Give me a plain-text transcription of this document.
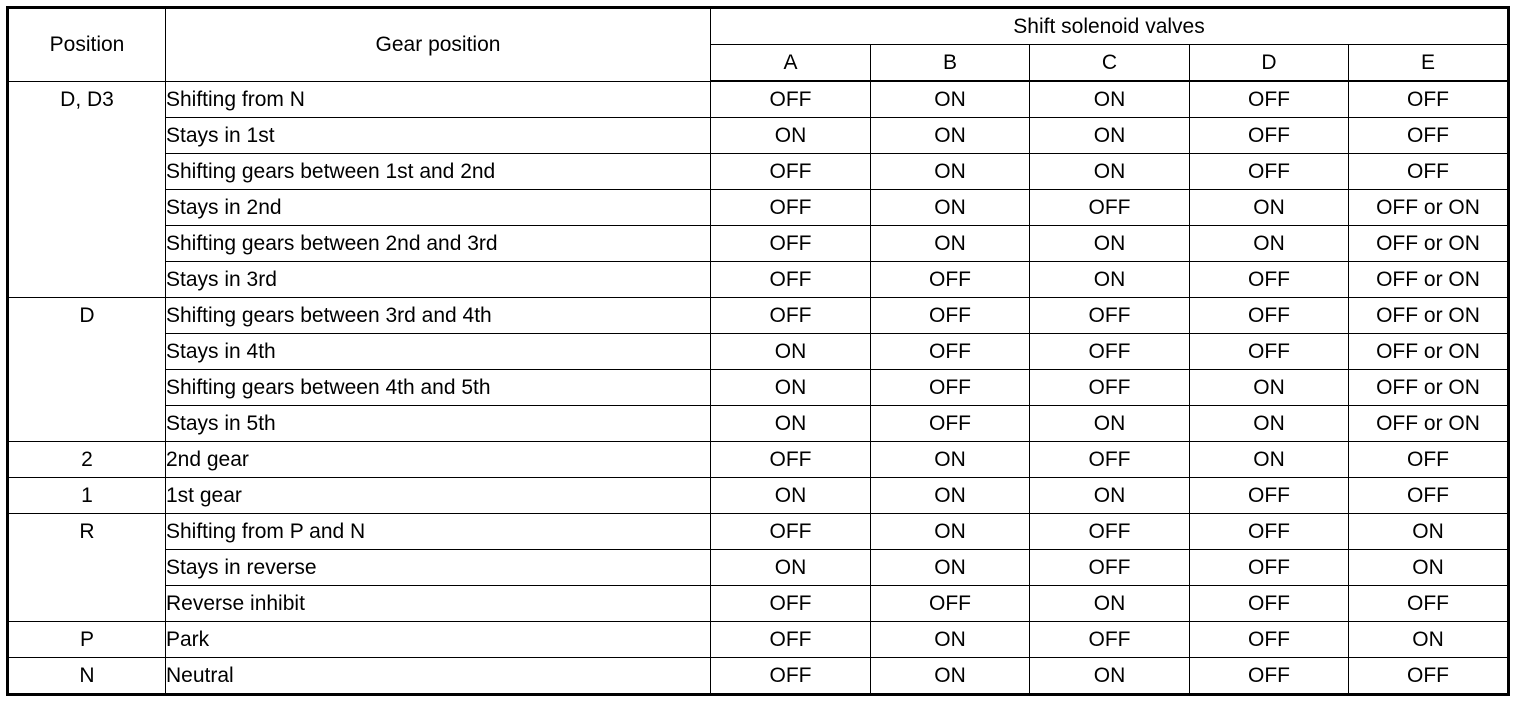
Position	Gear position	Shift solenoid valves				
		A	B	C	D	E
D, D3	Shifting from N	OFF	ON	ON	OFF	OFF
	Stays in 1st	ON	ON	ON	OFF	OFF
	Shifting gears between 1st and 2nd	OFF	ON	ON	OFF	OFF
	Stays in 2nd	OFF	ON	OFF	ON	OFF or ON
	Shifting gears between 2nd and 3rd	OFF	ON	ON	ON	OFF or ON
	Stays in 3rd	OFF	OFF	ON	OFF	OFF or ON
D	Shifting gears between 3rd and 4th	OFF	OFF	OFF	OFF	OFF or ON
	Stays in 4th	ON	OFF	OFF	OFF	OFF or ON
	Shifting gears between 4th and 5th	ON	OFF	OFF	ON	OFF or ON
	Stays in 5th	ON	OFF	ON	ON	OFF or ON
2	2nd gear	OFF	ON	OFF	ON	OFF
1	1st gear	ON	ON	ON	OFF	OFF
R	Shifting from P and N	OFF	ON	OFF	OFF	ON
	Stays in reverse	ON	ON	OFF	OFF	ON
	Reverse inhibit	OFF	OFF	ON	OFF	OFF
P	Park	OFF	ON	OFF	OFF	ON
N	Neutral	OFF	ON	ON	OFF	OFF
